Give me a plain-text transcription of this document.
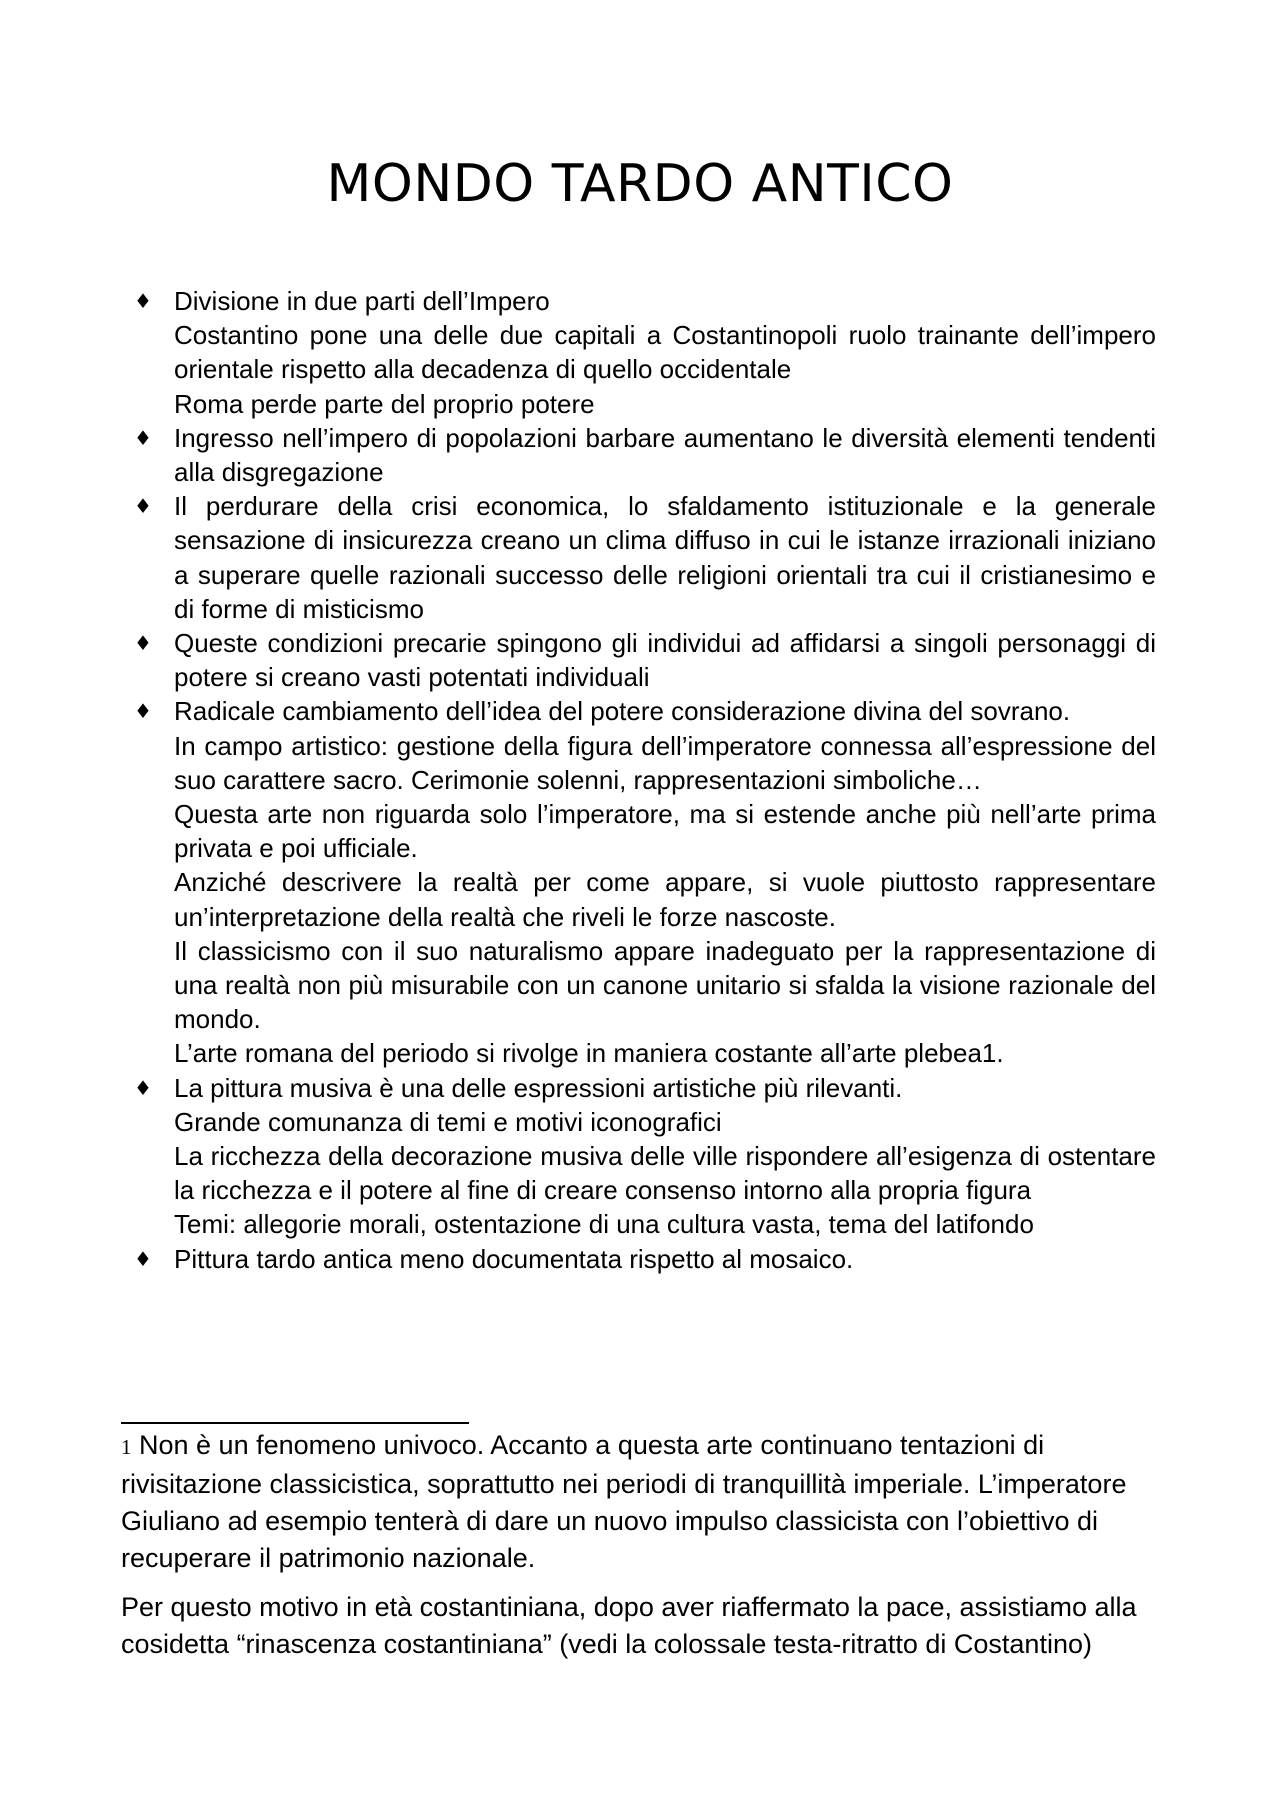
MONDO TARDO ANTICO
♦ Divisione in due parti dell’Impero
Costantino pone una delle due capitali a Costantinopoli ruolo trainante dell’impero orientale rispetto alla decadenza di quello occidentale
Roma perde parte del proprio potere
♦ Ingresso nell’impero di popolazioni barbare aumentano le diversità elementi tendenti alla disgregazione
♦ Il perdurare della crisi economica, lo sfaldamento istituzionale e la generale sensazione di insicurezza creano un clima diffuso in cui le istanze irrazionali iniziano a superare quelle razionali successo delle religioni orientali tra cui il cristianesimo e di forme di misticismo
♦ Queste condizioni precarie spingono gli individui ad affidarsi a singoli personaggi di potere si creano vasti potentati individuali
♦ Radicale cambiamento dell’idea del potere considerazione divina del sovrano.
In campo artistico: gestione della figura dell’imperatore connessa all’espressione del suo carattere sacro. Cerimonie solenni, rappresentazioni simboliche…
Questa arte non riguarda solo l’imperatore, ma si estende anche più nell’arte prima privata e poi ufficiale.
Anziché descrivere la realtà per come appare, si vuole piuttosto rappresentare un’interpretazione della realtà che riveli le forze nascoste.
Il classicismo con il suo naturalismo appare inadeguato per la rappresentazione di una realtà non più misurabile con un canone unitario si sfalda la visione razionale del mondo.
L’arte romana del periodo si rivolge in maniera costante all’arte plebea1.
♦ La pittura musiva è una delle espressioni artistiche più rilevanti.
Grande comunanza di temi e motivi iconografici
La ricchezza della decorazione musiva delle ville rispondere all’esigenza di ostentare la ricchezza e il potere al fine di creare consenso intorno alla propria figura
Temi: allegorie morali, ostentazione di una cultura vasta, tema del latifondo
♦ Pittura tardo antica meno documentata rispetto al mosaico.

1 Non è un fenomeno univoco. Accanto a questa arte continuano tentazioni di rivisitazione classicistica, soprattutto nei periodi di tranquillità imperiale. L’imperatore Giuliano ad esempio tenterà di dare un nuovo impulso classicista con l’obiettivo di recuperare il patrimonio nazionale.

Per questo motivo in età costantiniana, dopo aver riaffermato la pace, assistiamo alla cosidetta “rinascenza costantiniana” (vedi la colossale testa-ritratto di Costantino)
